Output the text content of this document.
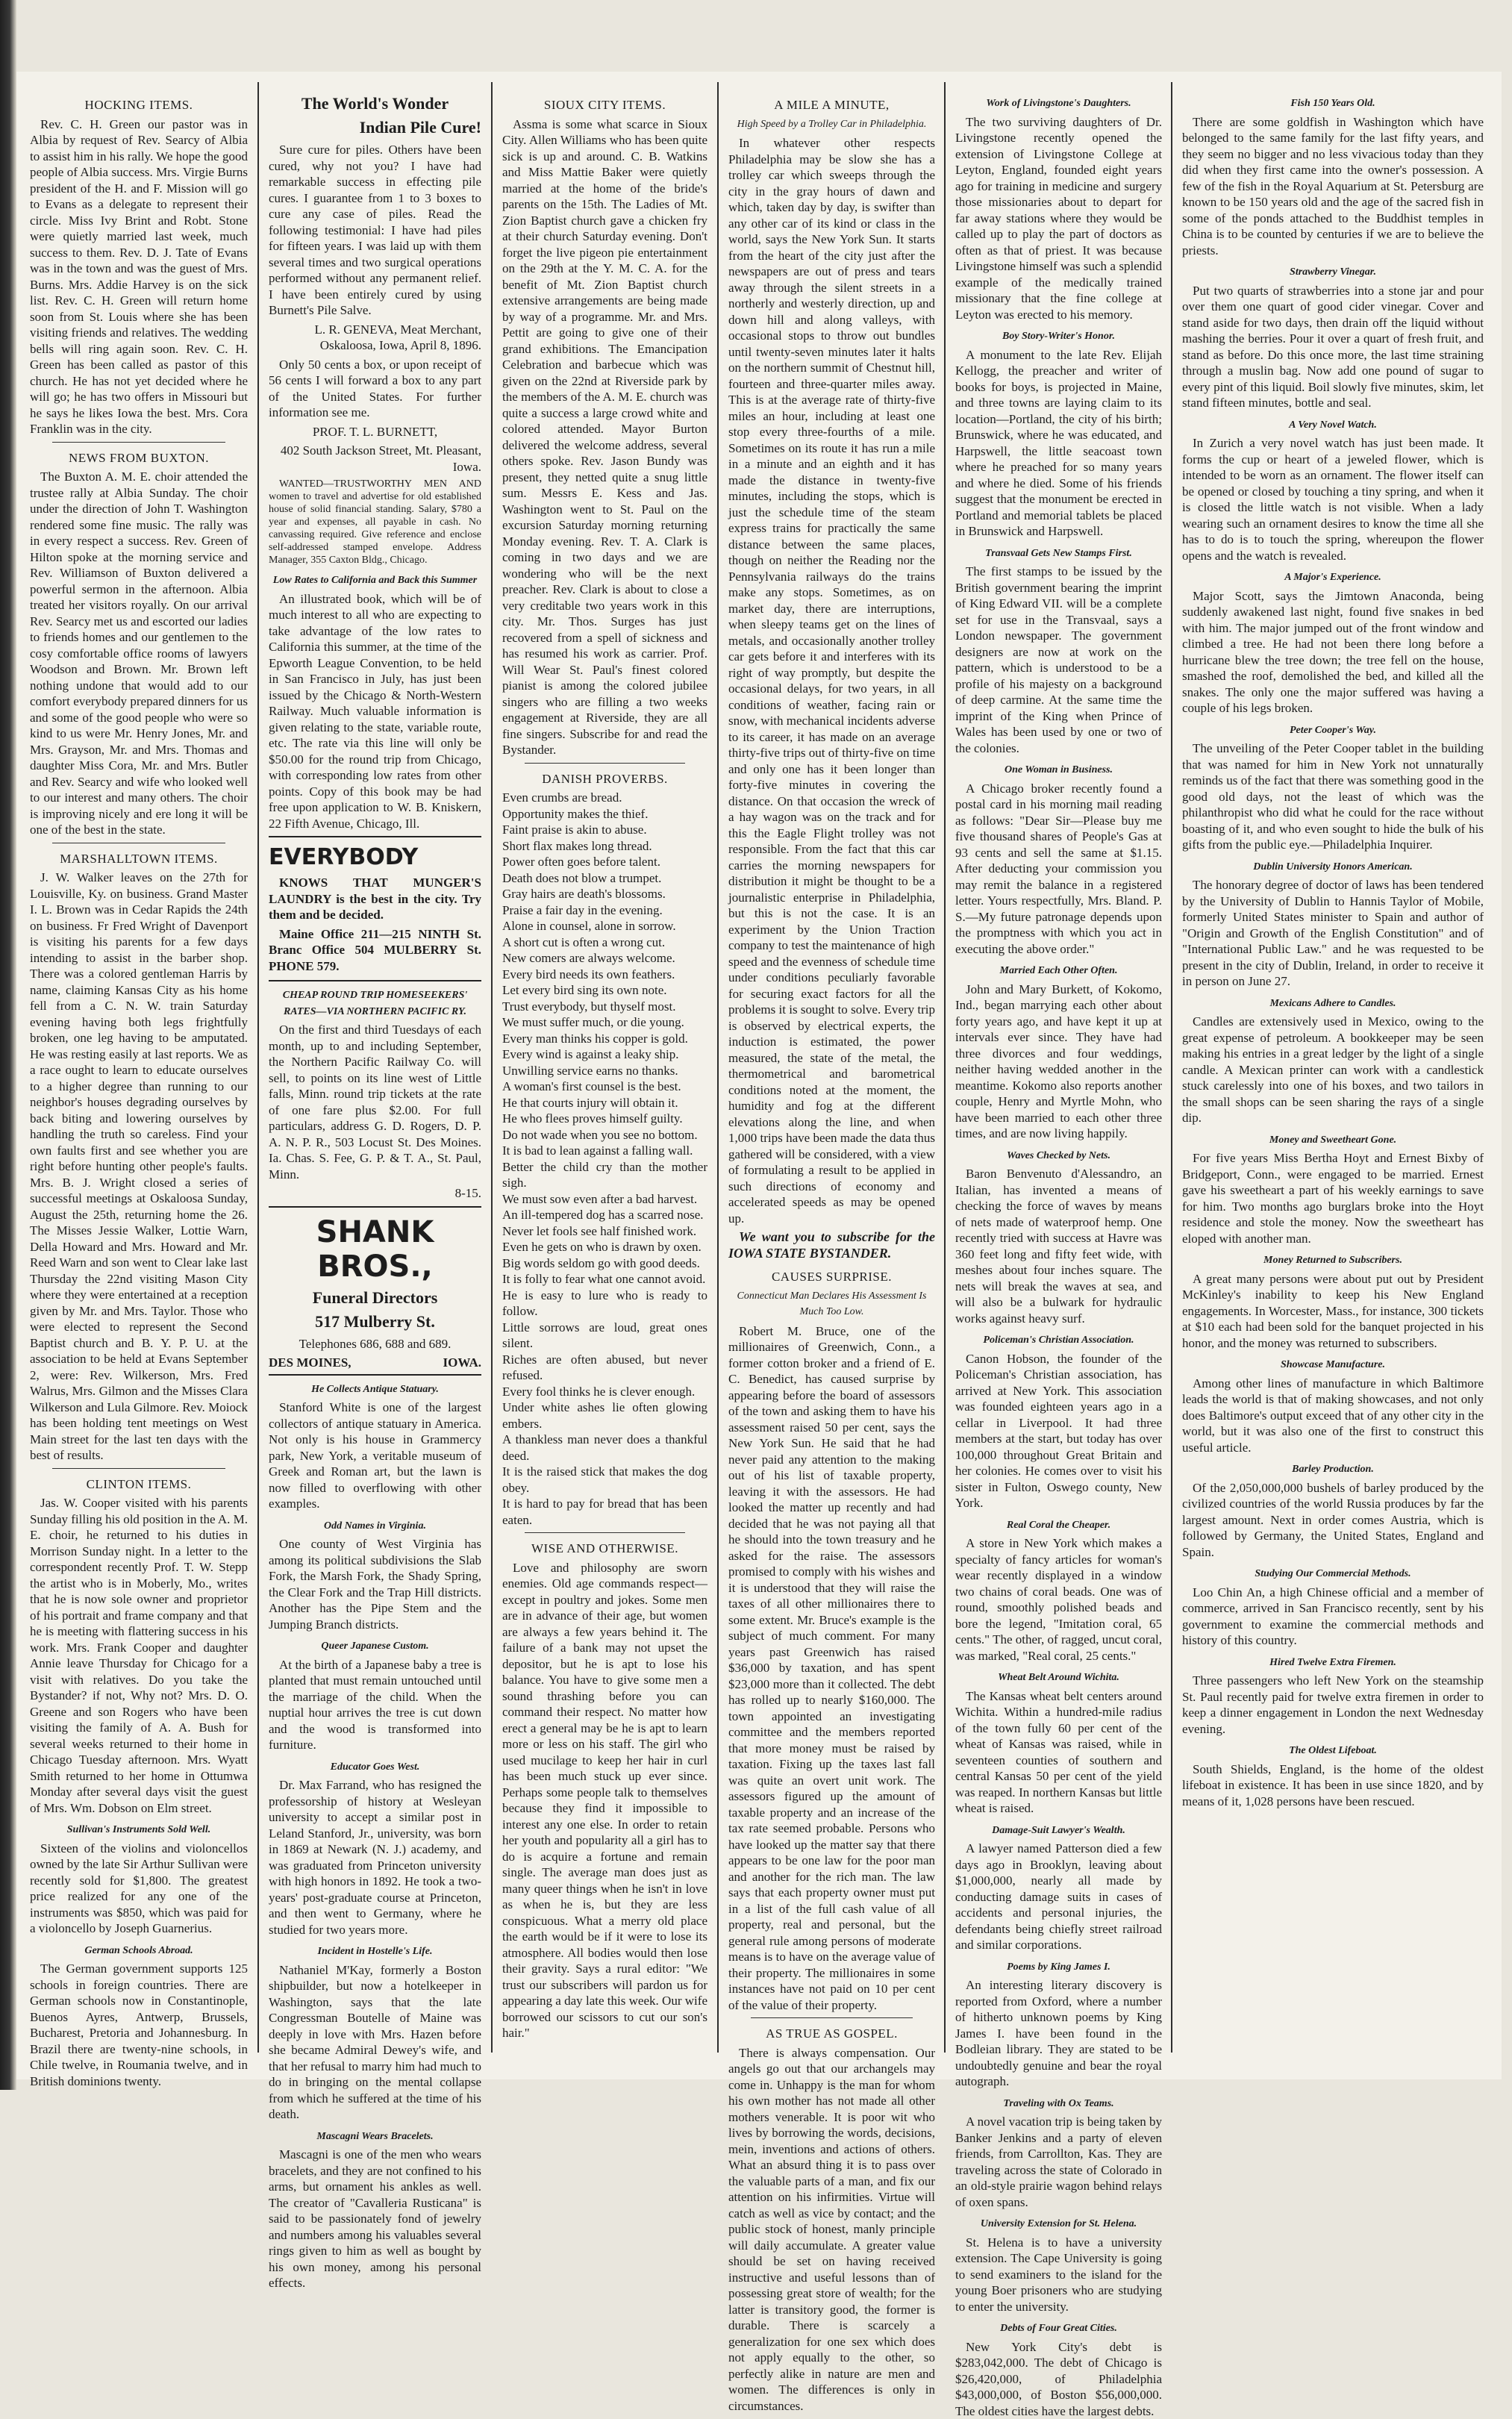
HOCKING ITEMS.

Rev. C. H. Green our pastor was in Albia by request of Rev. Searcy of Albia to assist him in his rally. We hope the good people of Albia success. Mrs. Virgie Burns president of the H. and F. Mission will go to Evans as a delegate to represent their circle. Miss Ivy Brint and Robt. Stone were quietly married last week, much success to them. Rev. D. J. Tate of Evans was in the town and was the guest of Mrs. Burns. Mrs. Addie Harvey is on the sick list. Rev. C. H. Green will return home soon from St. Louis where she has been visiting friends and relatives. The wedding bells will ring again soon. Rev. C. H. Green has been called as pastor of this church. He has not yet decided where he will go; he has two offers in Missouri but he says he likes Iowa the best. Mrs. Cora Franklin was in the city.

NEWS FROM BUXTON.

The Buxton A. M. E. choir attended the trustee rally at Albia Sunday. The choir under the direction of John T. Washington rendered some fine music. The rally was in every respect a success. Rev. Green of Hilton spoke at the morning service and Rev. Williamson of Buxton delivered a powerful sermon in the afternoon. Albia treated her visitors royally. On our arrival Rev. Searcy met us and escorted our ladies to friends homes and our gentlemen to the cosy comfortable office rooms of lawyers Woodson and Brown. Mr. Brown left nothing undone that would add to our comfort everybody prepared dinners for us and some of the good people who were so kind to us were Mr. Henry Jones, Mr. and Mrs. Grayson, Mr. and Mrs. Thomas and daughter Miss Cora, Mr. and Mrs. Butler and Rev. Searcy and wife who looked well to our interest and many others. The choir is improving nicely and ere long it will be one of the best in the state.

MARSHALLTOWN ITEMS.

J. W. Walker leaves on the 27th for Louisville, Ky. on business. Grand Master I. L. Brown was in Cedar Rapids the 24th on business. Fr Fred Wright of Davenport is visiting his parents for a few days intending to assist in the barber shop. There was a colored gentleman Harris by name, claiming Kansas City as his home fell from a C. N. W. train Saturday evening having both legs frightfully broken, one leg having to be amputated. He was resting easily at last reports. We as a race ought to learn to educate ourselves to a higher degree than running to our neighbor's houses degrading ourselves by back biting and lowering ourselves by handling the truth so careless. Find your own faults first and see whether you are right before hunting other people's faults. Mrs. B. J. Wright closed a series of successful meetings at Oskaloosa Sunday, August the 25th, returning home the 26. The Misses Jessie Walker, Lottie Warn, Della Howard and Mrs. Howard and Mr. Reed Warn and son went to Clear lake last Thursday the 22nd visiting Mason City where they were entertained at a reception given by Mr. and Mrs. Taylor. Those who were elected to represent the Second Baptist church and B. Y. P. U. at the association to be held at Evans September 2, were: Rev. Wilkerson, Mrs. Fred Walrus, Mrs. Gilmon and the Misses Clara Wilkerson and Lula Gilmore. Rev. Moiock has been holding tent meetings on West Main street for the last ten days with the best of results.

CLINTON ITEMS.

Jas. W. Cooper visited with his parents Sunday filling his old position in the A. M. E. choir, he returned to his duties in Morrison Sunday night. In a letter to the correspondent recently Prof. T. W. Stepp the artist who is in Moberly, Mo., writes that he is now sole owner and proprietor of his portrait and frame company and that he is meeting with flattering success in his work. Mrs. Frank Cooper and daughter Annie leave Thursday for Chicago for a visit with relatives. Do you take the Bystander? if not, Why not? Mrs. D. O. Greene and son Rogers who have been visiting the family of A. A. Bush for several weeks returned to their home in Chicago Tuesday afternoon. Mrs. Wyatt Smith returned to her home in Ottumwa Monday after several days visit the guest of Mrs. Wm. Dobson on Elm street.

Sullivan's Instruments Sold Well.

Sixteen of the violins and violoncellos owned by the late Sir Arthur Sullivan were recently sold for $1,800. The greatest price realized for any one of the instruments was $850, which was paid for a violoncello by Joseph Guarnerius.

German Schools Abroad.

The German government supports 125 schools in foreign countries. There are German schools now in Constantinople, Buenos Ayres, Antwerp, Brussels, Bucharest, Pretoria and Johannesburg. In Brazil there are twenty-nine schools, in Chile twelve, in Roumania twelve, and in British dominions twenty.

The World's Wonder
Indian Pile Cure!

Sure cure for piles. Others have been cured, why not you? I have had remarkable success in effecting pile cures. I guarantee from 1 to 3 boxes to cure any case of piles. Read the following testimonial: I have had piles for fifteen years. I was laid up with them several times and two surgical operations performed without any permanent relief. I have been entirely cured by using Burnett's Pile Salve.

L. R. GENEVA, Meat Merchant, Oskaloosa, Iowa, April 8, 1896.

Only 50 cents a box, or upon receipt of 56 cents I will forward a box to any part of the United States. For further information see me.

PROF. T. L. BURNETT,

402 South Jackson Street, Mt. Pleasant, Iowa.

WANTED—TRUSTWORTHY MEN AND women to travel and advertise for old established house of solid financial standing. Salary, $780 a year and expenses, all payable in cash. No canvassing required. Give reference and enclose self-addressed stamped envelope. Address Manager, 355 Caxton Bldg., Chicago.

Low Rates to California and Back this Summer

An illustrated book, which will be of much interest to all who are expecting to take advantage of the low rates to California this summer, at the time of the Epworth League Convention, to be held in San Francisco in July, has just been issued by the Chicago & North-Western Railway. Much valuable information is given relating to the state, variable route, etc. The rate via this line will only be $50.00 for the round trip from Chicago, with corresponding low rates from other points. Copy of this book may be had free upon application to W. B. Kniskern, 22 Fifth Avenue, Chicago, Ill.

EVERYBODY

KNOWS THAT MUNGER'S LAUNDRY is the best in the city. Try them and be decided.

Maine Office 211—215 NINTH St. Branc Office 504 MULBERRY St. PHONE 579.

CHEAP ROUND TRIP HOMESEEKERS' RATES—VIA NORTHERN PACIFIC RY.

On the first and third Tuesdays of each month, up to and including September, the Northern Pacific Railway Co. will sell, to points on its line west of Little falls, Minn. round trip tickets at the rate of one fare plus $2.00. For full particulars, address G. D. Rogers, D. P. A. N. P. R., 503 Locust St. Des Moines. Ia. Chas. S. Fee, G. P. & T. A., St. Paul, Minn.

8-15.

SHANK BROS.,
Funeral Directors
517 Mulberry St.

Telephones 686, 688 and 689.

DES MOINES,	IOWA.
He Collects Antique Statuary.

Stanford White is one of the largest collectors of antique statuary in America. Not only is his house in Grammercy park, New York, a veritable museum of Greek and Roman art, but the lawn is now filled to overflowing with other examples.

Odd Names in Virginia.

One county of West Virginia has among its political subdivisions the Slab Fork, the Marsh Fork, the Shady Spring, the Clear Fork and the Trap Hill districts. Another has the Pipe Stem and the Jumping Branch districts.

Queer Japanese Custom.

At the birth of a Japanese baby a tree is planted that must remain untouched until the marriage of the child. When the nuptial hour arrives the tree is cut down and the wood is transformed into furniture.

Educator Goes West.

Dr. Max Farrand, who has resigned the professorship of history at Wesleyan university to accept a similar post in Leland Stanford, Jr., university, was born in 1869 at Newark (N. J.) academy, and was graduated from Princeton university with high honors in 1892. He took a two-years' post-graduate course at Princeton, and then went to Germany, where he studied for two years more.

Incident in Hostelle's Life.

Nathaniel M'Kay, formerly a Boston shipbuilder, but now a hotelkeeper in Washington, says that the late Congressman Boutelle of Maine was deeply in love with Mrs. Hazen before she became Admiral Dewey's wife, and that her refusal to marry him had much to do in bringing on the mental collapse from which he suffered at the time of his death.

Mascagni Wears Bracelets.

Mascagni is one of the men who wears bracelets, and they are not confined to his arms, but ornament his ankles as well. The creator of "Cavalleria Rusticana" is said to be passionately fond of jewelry and numbers among his valuables several rings given to him as well as bought by his own money, among his personal effects.

SIOUX CITY ITEMS.

Assma is some what scarce in Sioux City. Allen Williams who has been quite sick is up and around. C. B. Watkins and Miss Mattie Baker were quietly married at the home of the bride's parents on the 15th. The Ladies of Mt. Zion Baptist church gave a chicken fry at their church Saturday evening. Don't forget the live pigeon pie entertainment on the 29th at the Y. M. C. A. for the benefit of Mt. Zion Baptist church extensive arrangements are being made by way of a programme. Mr. and Mrs. Pettit are going to give one of their grand exhibitions. The Emancipation Celebration and barbecue which was given on the 22nd at Riverside park by the members of the A. M. E. church was quite a success a large crowd white and colored attended. Mayor Burton delivered the welcome address, several others spoke. Rev. Jason Bundy was present, they netted quite a snug little sum. Messrs E. Kess and Jas. Washington went to St. Paul on the excursion Saturday morning returning Monday evening. Rev. T. A. Clark is coming in two days and we are wondering who will be the next preacher. Rev. Clark is about to close a very creditable two years work in this city. Mr. Thos. Surges has just recovered from a spell of sickness and has resumed his work as carrier. Prof. Will Wear St. Paul's finest colored pianist is among the colored jubilee singers who are filling a two weeks engagement at Riverside, they are all fine singers. Subscribe for and read the Bystander.

DANISH PROVERBS.

Even crumbs are bread.

Opportunity makes the thief.

Faint praise is akin to abuse.

Short flax makes long thread.

Power often goes before talent.

Death does not blow a trumpet.

Gray hairs are death's blossoms.

Praise a fair day in the evening.

Alone in counsel, alone in sorrow.

A short cut is often a wrong cut.

New comers are always welcome.

Every bird needs its own feathers.

Let every bird sing its own note.

Trust everybody, but thyself most.

We must suffer much, or die young.

Every man thinks his copper is gold.

Every wind is against a leaky ship.

Unwilling service earns no thanks.

A woman's first counsel is the best.

He that courts injury will obtain it.

He who flees proves himself guilty.

Do not wade when you see no bottom.

It is bad to lean against a falling wall.

Better the child cry than the mother sigh.

We must sow even after a bad harvest.

An ill-tempered dog has a scarred nose.

Never let fools see half finished work.

Even he gets on who is drawn by oxen.

Big words seldom go with good deeds.

It is folly to fear what one cannot avoid.

He is easy to lure who is ready to follow.

Little sorrows are loud, great ones silent.

Riches are often abused, but never refused.

Every fool thinks he is clever enough.

Under white ashes lie often glowing embers.

A thankless man never does a thankful deed.

It is the raised stick that makes the dog obey.

It is hard to pay for bread that has been eaten.

WISE AND OTHERWISE.

Love and philosophy are sworn enemies. Old age commands respect—except in poultry and jokes. Some men are in advance of their age, but women are always a few years behind it. The failure of a bank may not upset the depositor, but he is apt to lose his balance. You have to give some men a sound thrashing before you can command their respect. No matter how erect a general may be he is apt to learn more or less on his staff. The girl who used mucilage to keep her hair in curl has been much stuck up ever since. Perhaps some people talk to themselves because they find it impossible to interest any one else. In order to retain her youth and popularity all a girl has to do is acquire a fortune and remain single. The average man does just as many queer things when he isn't in love as when he is, but they are less conspicuous. What a merry old place the earth would be if it were to lose its atmosphere. All bodies would then lose their gravity. Says a rural editor: "We trust our subscribers will pardon us for appearing a day late this week. Our wife borrowed our scissors to cut our son's hair."

A MILE A MINUTE,

High Speed by a Trolley Car in Philadelphia.

In whatever other respects Philadelphia may be slow she has a trolley car which sweeps through the city in the gray hours of dawn and which, taken day by day, is swifter than any other car of its kind or class in the world, says the New York Sun. It starts from the heart of the city just after the newspapers are out of press and tears away through the silent streets in a northerly and westerly direction, up and down hill and along valleys, with occasional stops to throw out bundles until twenty-seven minutes later it halts on the northern summit of Chestnut hill, fourteen and three-quarter miles away. This is at the average rate of thirty-five miles an hour, including at least one stop every three-fourths of a mile. Sometimes on its route it has run a mile in a minute and an eighth and it has made the distance in twenty-five minutes, including the stops, which is just the schedule time of the steam express trains for practically the same distance between the same places, though on neither the Reading nor the Pennsylvania railways do the trains make any stops. Sometimes, as on market day, there are interruptions, when sleepy teams get on the lines of metals, and occasionally another trolley car gets before it and interferes with its right of way promptly, but despite the occasional delays, for two years, in all conditions of weather, facing rain or snow, with mechanical incidents adverse to its career, it has made on an average thirty-five trips out of thirty-five on time and only one has it been longer than forty-five minutes in covering the distance. On that occasion the wreck of a hay wagon was on the track and for this the Eagle Flight trolley was not responsible. From the fact that this car carries the morning newspapers for distribution it might be thought to be a journalistic enterprise in Philadelphia, but this is not the case. It is an experiment by the Union Traction company to test the maintenance of high speed and the evenness of schedule time under conditions peculiarly favorable for securing exact factors for all the problems it is sought to solve. Every trip is observed by electrical experts, the induction is estimated, the power measured, the state of the metal, the thermometrical and barometrical conditions noted at the moment, the humidity and fog at the different elevations along the line, and when 1,000 trips have been made the data thus gathered will be considered, with a view of formulating a result to be applied in such directions of economy and accelerated speeds as may be opened up.

We want you to subscribe for the IOWA STATE BYSTANDER.

CAUSES SURPRISE.

Connecticut Man Declares His Assessment Is Much Too Low.

Robert M. Bruce, one of the millionaires of Greenwich, Conn., a former cotton broker and a friend of E. C. Benedict, has caused surprise by appearing before the board of assessors of the town and asking them to have his assessment raised 50 per cent, says the New York Sun. He said that he had never paid any attention to the making out of his list of taxable property, leaving it with the assessors. He had looked the matter up recently and had decided that he was not paying all that he should into the town treasury and he asked for the raise. The assessors promised to comply with his wishes and it is understood that they will raise the taxes of all other millionaires there to some extent. Mr. Bruce's example is the subject of much comment. For many years past Greenwich has raised $36,000 by taxation, and has spent $23,000 more than it collected. The debt has rolled up to nearly $160,000. The town appointed an investigating committee and the members reported that more money must be raised by taxation. Fixing up the taxes last fall was quite an overt unit work. The assessors figured up the amount of taxable property and an increase of the tax rate seemed probable. Persons who have looked up the matter say that there appears to be one law for the poor man and another for the rich man. The law says that each property owner must put in a list of the full cash value of all property, real and personal, but the general rule among persons of moderate means is to have on the average value of their property. The millionaires in some instances have not paid on 10 per cent of the value of their property.

AS TRUE AS GOSPEL.

There is always compensation. Our angels go out that our archangels may come in. Unhappy is the man for whom his own mother has not made all other mothers venerable. It is poor wit who lives by borrowing the words, decisions, mein, inventions and actions of others. What an absurd thing it is to pass over the valuable parts of a man, and fix our attention on his infirmities. Virtue will catch as well as vice by contact; and the public stock of honest, manly principle will daily accumulate. A greater value should be set on having received instructive and useful lessons than of possessing great store of wealth; for the latter is transitory good, the former is durable. There is scarcely a generalization for one sex which does not apply equally to the other, so perfectly alike in nature are men and women. The differences is only in circumstances.

Work of Livingstone's Daughters.

The two surviving daughters of Dr. Livingstone recently opened the extension of Livingstone College at Leyton, England, founded eight years ago for training in medicine and surgery those missionaries about to depart for far away stations where they would be called up to play the part of doctors as often as that of priest. It was because Livingstone himself was such a splendid example of the medically trained missionary that the fine college at Leyton was erected to his memory.

Boy Story-Writer's Honor.

A monument to the late Rev. Elijah Kellogg, the preacher and writer of books for boys, is projected in Maine, and three towns are laying claim to its location—Portland, the city of his birth; Brunswick, where he was educated, and Harpswell, the little seacoast town where he preached for so many years and where he died. Some of his friends suggest that the monument be erected in Portland and memorial tablets be placed in Brunswick and Harpswell.

Transvaal Gets New Stamps First.

The first stamps to be issued by the British government bearing the imprint of King Edward VII. will be a complete set for use in the Transvaal, says a London newspaper. The government designers are now at work on the pattern, which is understood to be a profile of his majesty on a background of deep carmine. At the same time the imprint of the King when Prince of Wales has been used by one or two of the colonies.

One Woman in Business.

A Chicago broker recently found a postal card in his morning mail reading as follows: "Dear Sir—Please buy me five thousand shares of People's Gas at 93 cents and sell the same at $1.15. After deducting your commission you may remit the balance in a registered letter. Yours respectfully, Mrs. Bland. P. S.—My future patronage depends upon the promptness with which you act in executing the above order."

Married Each Other Often.

John and Mary Burkett, of Kokomo, Ind., began marrying each other about forty years ago, and have kept it up at intervals ever since. They have had three divorces and four weddings, neither having wedded another in the meantime. Kokomo also reports another couple, Henry and Myrtle Mohn, who have been married to each other three times, and are now living happily.

Waves Checked by Nets.

Baron Benvenuto d'Alessandro, an Italian, has invented a means of checking the force of waves by means of nets made of waterproof hemp. One recently tried with success at Havre was 360 feet long and fifty feet wide, with meshes about four inches square. The nets will break the waves at sea, and will also be a bulwark for hydraulic works against heavy surf.

Policeman's Christian Association.

Canon Hobson, the founder of the Policeman's Christian association, has arrived at New York. This association was founded eighteen years ago in a cellar in Liverpool. It had three members at the start, but today has over 100,000 throughout Great Britain and her colonies. He comes over to visit his sister in Fulton, Oswego county, New York.

Real Coral the Cheaper.

A store in New York which makes a specialty of fancy articles for woman's wear recently displayed in a window two chains of coral beads. One was of round, smoothly polished beads and bore the legend, "Imitation coral, 65 cents." The other, of ragged, uncut coral, was marked, "Real coral, 25 cents."

Wheat Belt Around Wichita.

The Kansas wheat belt centers around Wichita. Within a hundred-mile radius of the town fully 60 per cent of the wheat of Kansas was raised, while in seventeen counties of southern and central Kansas 50 per cent of the yield was reaped. In northern Kansas but little wheat is raised.

Damage-Suit Lawyer's Wealth.

A lawyer named Patterson died a few days ago in Brooklyn, leaving about $1,000,000, nearly all made by conducting damage suits in cases of accidents and personal injuries, the defendants being chiefly street railroad and similar corporations.

Poems by King James I.

An interesting literary discovery is reported from Oxford, where a number of hitherto unknown poems by King James I. have been found in the Bodleian library. They are stated to be undoubtedly genuine and bear the royal autograph.

Traveling with Ox Teams.

A novel vacation trip is being taken by Banker Jenkins and a party of eleven friends, from Carrollton, Kas. They are traveling across the state of Colorado in an old-style prairie wagon behind relays of oxen spans.

University Extension for St. Helena.

St. Helena is to have a university extension. The Cape University is going to send examiners to the island for the young Boer prisoners who are studying to enter the university.

Debts of Four Great Cities.

New York City's debt is $283,042,000. The debt of Chicago is $26,420,000, of Philadelphia $43,000,000, of Boston $56,000,000. The oldest cities have the largest debts.

Fish 150 Years Old.

There are some goldfish in Washington which have belonged to the same family for the last fifty years, and they seem no bigger and no less vivacious today than they did when they first came into the owner's possession. A few of the fish in the Royal Aquarium at St. Petersburg are known to be 150 years old and the age of the sacred fish in some of the ponds attached to the Buddhist temples in China is to be counted by centuries if we are to believe the priests.

Strawberry Vinegar.

Put two quarts of strawberries into a stone jar and pour over them one quart of good cider vinegar. Cover and stand aside for two days, then drain off the liquid without mashing the berries. Pour it over a quart of fresh fruit, and stand as before. Do this once more, the last time straining through a muslin bag. Now add one pound of sugar to every pint of this liquid. Boil slowly five minutes, skim, let stand fifteen minutes, bottle and seal.

A Very Novel Watch.

In Zurich a very novel watch has just been made. It forms the cup or heart of a jeweled flower, which is intended to be worn as an ornament. The flower itself can be opened or closed by touching a tiny spring, and when it is closed the little watch is not visible. When a lady wearing such an ornament desires to know the time all she has to do is to touch the spring, whereupon the flower opens and the watch is revealed.

A Major's Experience.

Major Scott, says the Jimtown Anaconda, being suddenly awakened last night, found five snakes in bed with him. The major jumped out of the front window and climbed a tree. He had not been there long before a hurricane blew the tree down; the tree fell on the house, smashed the roof, demolished the bed, and killed all the snakes. The only one the major suffered was having a couple of his legs broken.

Peter Cooper's Way.

The unveiling of the Peter Cooper tablet in the building that was named for him in New York not unnaturally reminds us of the fact that there was something good in the good old days, not the least of which was the philanthropist who did what he could for the race without boasting of it, and who even sought to hide the bulk of his gifts from the public eye.—Philadelphia Inquirer.

Dublin University Honors American.

The honorary degree of doctor of laws has been tendered by the University of Dublin to Hannis Taylor of Mobile, formerly United States minister to Spain and author of "Origin and Growth of the English Constitution" and of "International Public Law." and he was requested to be present in the city of Dublin, Ireland, in order to receive it in person on June 27.

Mexicans Adhere to Candles.

Candles are extensively used in Mexico, owing to the great expense of petroleum. A bookkeeper may be seen making his entries in a great ledger by the light of a single candle. A Mexican printer can work with a candlestick stuck carelessly into one of his boxes, and two tailors in the small shops can be seen sharing the rays of a single dip.

Money and Sweetheart Gone.

For five years Miss Bertha Hoyt and Ernest Bixby of Bridgeport, Conn., were engaged to be married. Ernest gave his sweetheart a part of his weekly earnings to save for him. Two months ago burglars broke into the Hoyt residence and stole the money. Now the sweetheart has eloped with another man.

Money Returned to Subscribers.

A great many persons were about put out by President McKinley's inability to keep his New England engagements. In Worcester, Mass., for instance, 300 tickets at $10 each had been sold for the banquet projected in his honor, and the money was returned to subscribers.

Showcase Manufacture.

Among other lines of manufacture in which Baltimore leads the world is that of making showcases, and not only does Baltimore's output exceed that of any other city in the world, but it was also one of the first to construct this useful article.

Barley Production.

Of the 2,050,000,000 bushels of barley produced by the civilized countries of the world Russia produces by far the largest amount. Next in order comes Austria, which is followed by Germany, the United States, England and Spain.

Studying Our Commercial Methods.

Loo Chin An, a high Chinese official and a member of commerce, arrived in San Francisco recently, sent by his government to examine the commercial methods and history of this country.

Hired Twelve Extra Firemen.

Three passengers who left New York on the steamship St. Paul recently paid for twelve extra firemen in order to keep a dinner engagement in London the next Wednesday evening.

The Oldest Lifeboat.

South Shields, England, is the home of the oldest lifeboat in existence. It has been in use since 1820, and by means of it, 1,028 persons have been rescued.
